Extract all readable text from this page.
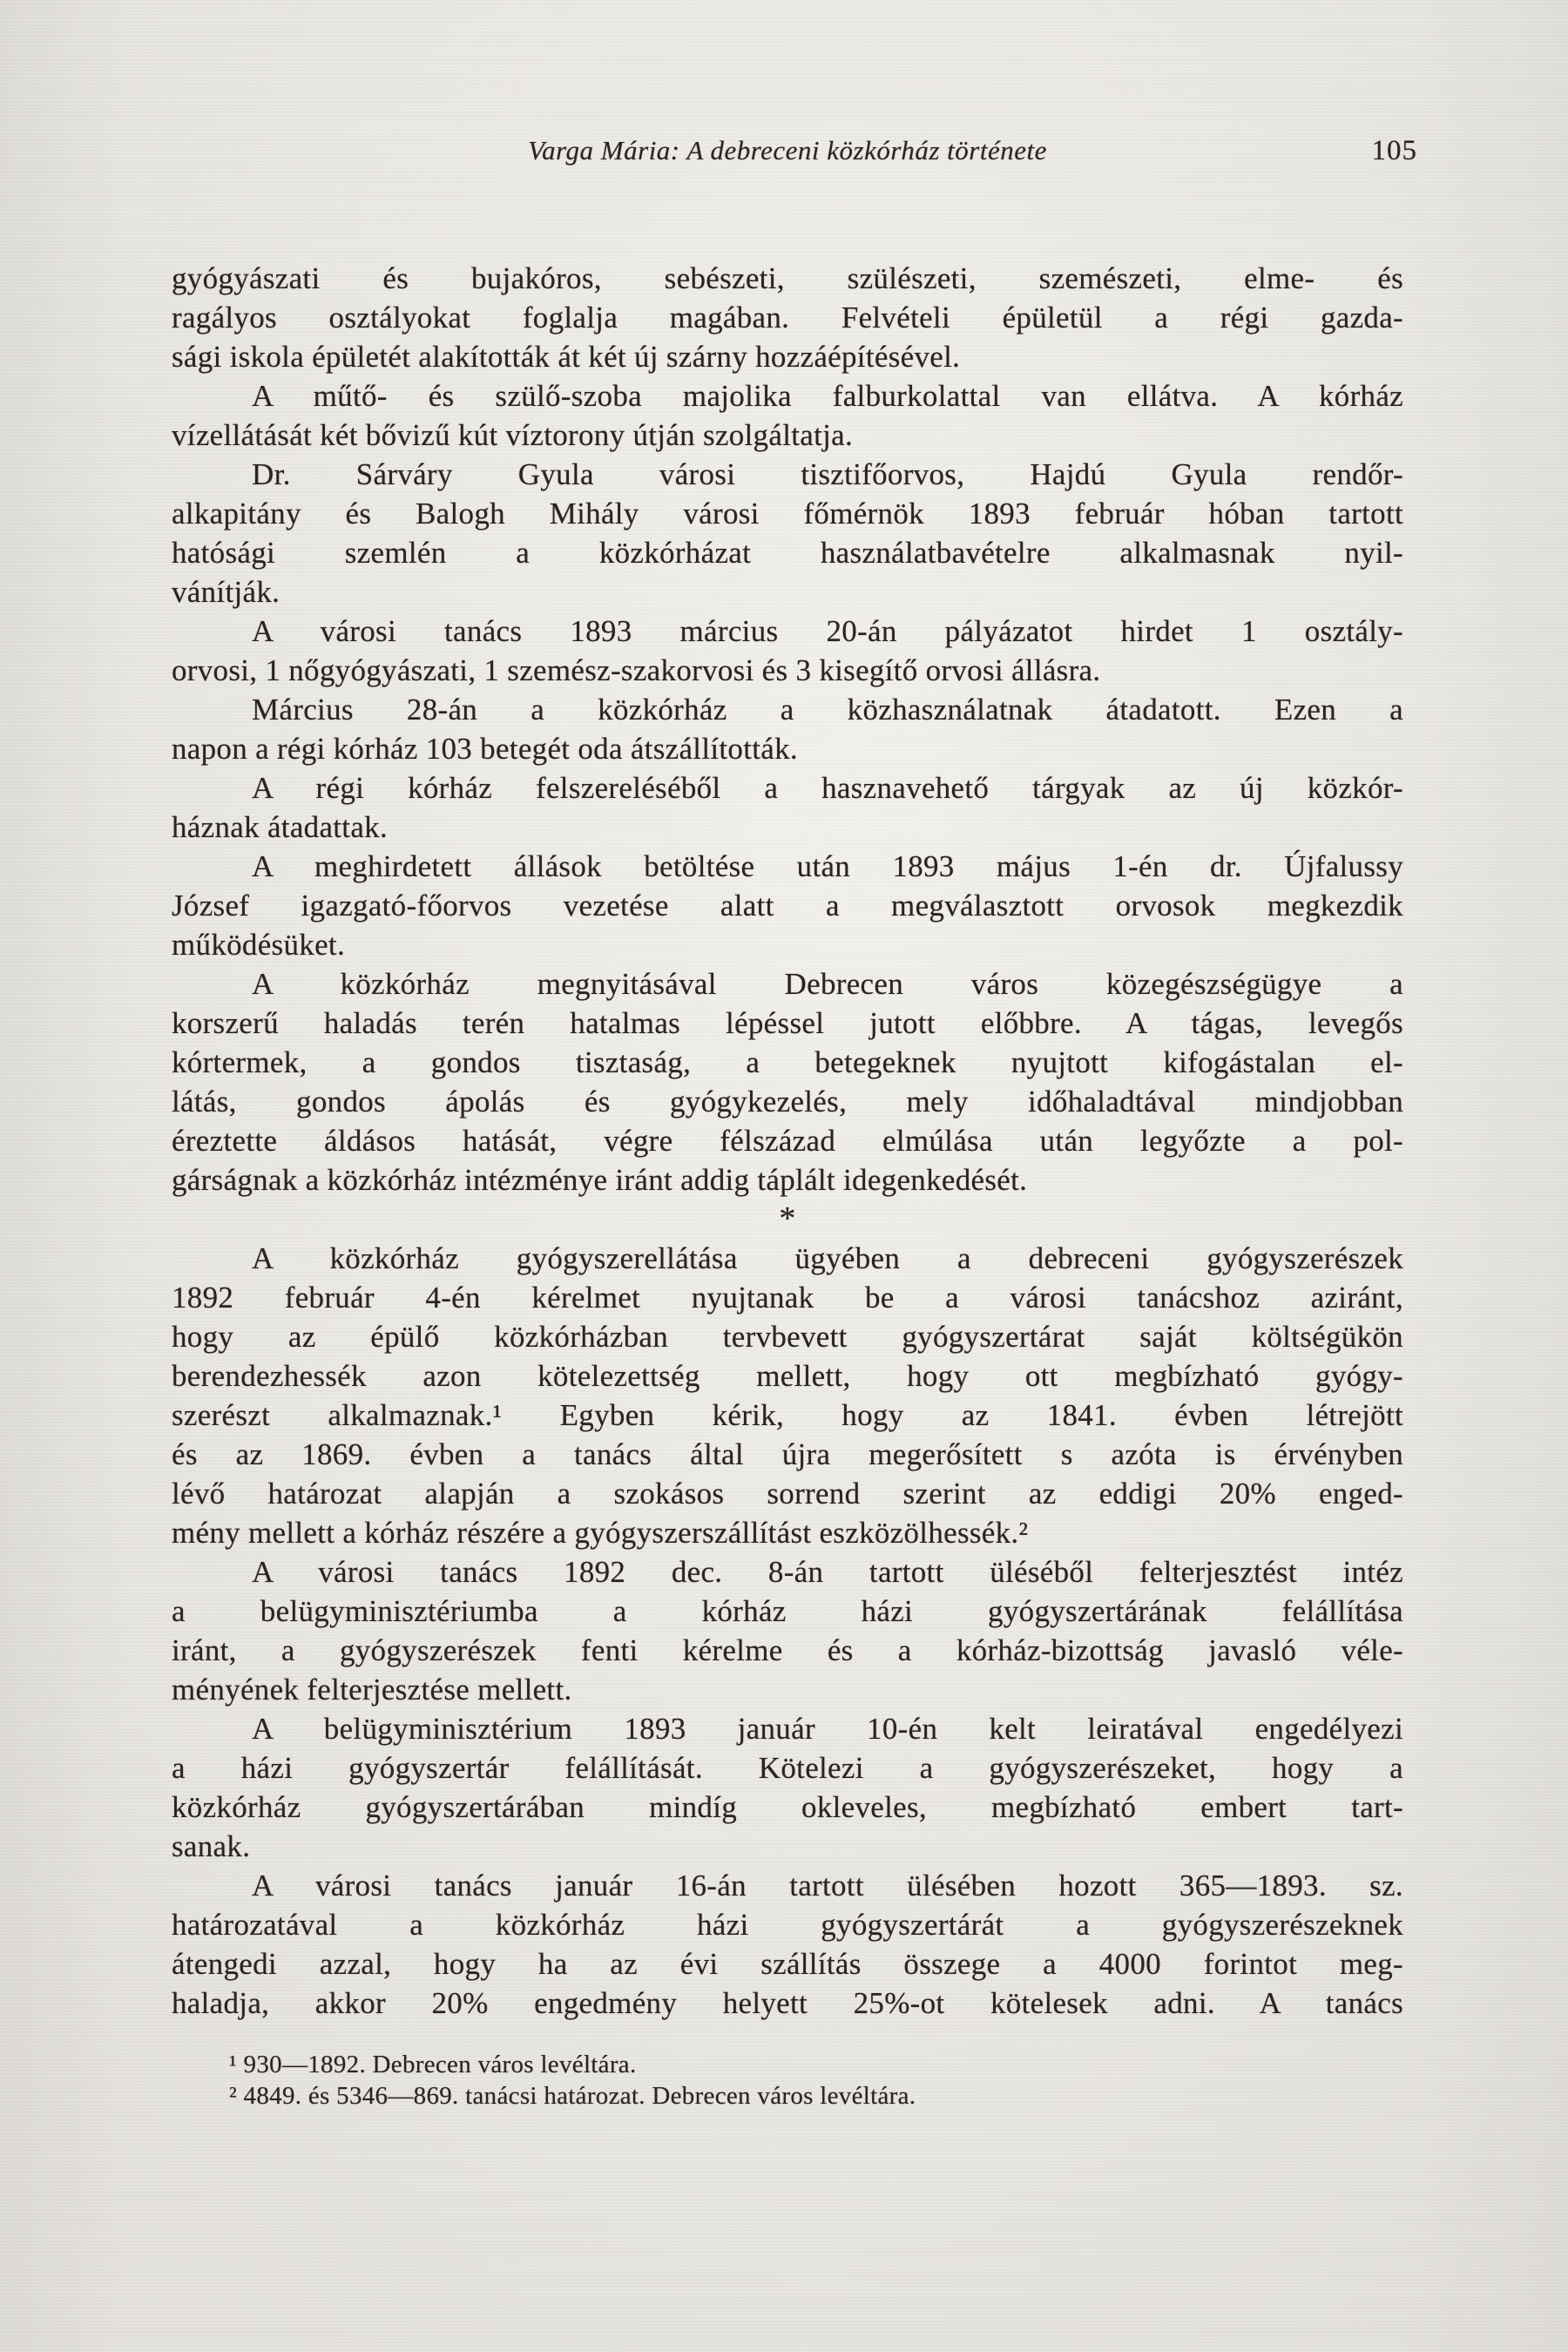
Varga Mária: A debreceni közkórház története	105
gyógyászati és bujakóros, sebészeti, szülészeti, szemészeti, elme- és
ragályos osztályokat foglalja magában. Felvételi épületül a régi gazda-
sági iskola épületét alakították át két új szárny hozzáépítésével.
A műtő- és szülő-szoba majolika falburkolattal van ellátva. A kórház
vízellátását két bővizű kút víztorony útján szolgáltatja.
Dr. Sárváry Gyula városi tisztifőorvos, Hajdú Gyula rendőr-
alkapitány és Balogh Mihály városi főmérnök 1893 február hóban tartott
hatósági szemlén a közkórházat használatbavételre alkalmasnak nyil-
vánítják.
A városi tanács 1893 március 20-án pályázatot hirdet 1 osztály-
orvosi, 1 nőgyógyászati, 1 szemész-szakorvosi és 3 kisegítő orvosi állásra.
Március 28-án a közkórház a közhasználatnak átadatott. Ezen a
napon a régi kórház 103 betegét oda átszállították.
A régi kórház felszereléséből a hasznavehető tárgyak az új közkór-
háznak átadattak.
A meghirdetett állások betöltése után 1893 május 1-én dr. Újfalussy
József igazgató-főorvos vezetése alatt a megválasztott orvosok megkezdik
működésüket.
A közkórház megnyitásával Debrecen város közegészségügye a
korszerű haladás terén hatalmas lépéssel jutott előbbre. A tágas, levegős
kórtermek, a gondos tisztaság, a betegeknek nyujtott kifogástalan el-
látás, gondos ápolás és gyógykezelés, mely időhaladtával mindjobban
éreztette áldásos hatását, végre félszázad elmúlása után legyőzte a pol-
gárságnak a közkórház intézménye iránt addig táplált idegenkedését.
*
A közkórház gyógyszerellátása ügyében a debreceni gyógyszerészek
1892 február 4-én kérelmet nyujtanak be a városi tanácshoz aziránt,
hogy az épülő közkórházban tervbevett gyógyszertárat saját költségükön
berendezhessék azon kötelezettség mellett, hogy ott megbízható gyógy-
szerészt alkalmaznak.¹ Egyben kérik, hogy az 1841. évben létrejött
és az 1869. évben a tanács által újra megerősített s azóta is érvényben
lévő határozat alapján a szokásos sorrend szerint az eddigi 20% enged-
mény mellett a kórház részére a gyógyszerszállítást eszközölhessék.²
A városi tanács 1892 dec. 8-án tartott üléséből felterjesztést intéz
a belügyminisztériumba a kórház házi gyógyszertárának felállítása
iránt, a gyógyszerészek fenti kérelme és a kórház-bizottság javasló véle-
ményének felterjesztése mellett.
A belügyminisztérium 1893 január 10-én kelt leiratával engedélyezi
a házi gyógyszertár felállítását. Kötelezi a gyógyszerészeket, hogy a
közkórház gyógyszertárában mindíg okleveles, megbízható embert tart-
sanak.
A városi tanács január 16-án tartott ülésében hozott 365—1893. sz.
határozatával a közkórház házi gyógyszertárát a gyógyszerészeknek
átengedi azzal, hogy ha az évi szállítás összege a 4000 forintot meg-
haladja, akkor 20% engedmény helyett 25%-ot kötelesek adni. A tanács
¹ 930—1892. Debrecen város levéltára.
² 4849. és 5346—869. tanácsi határozat. Debrecen város levéltára.
